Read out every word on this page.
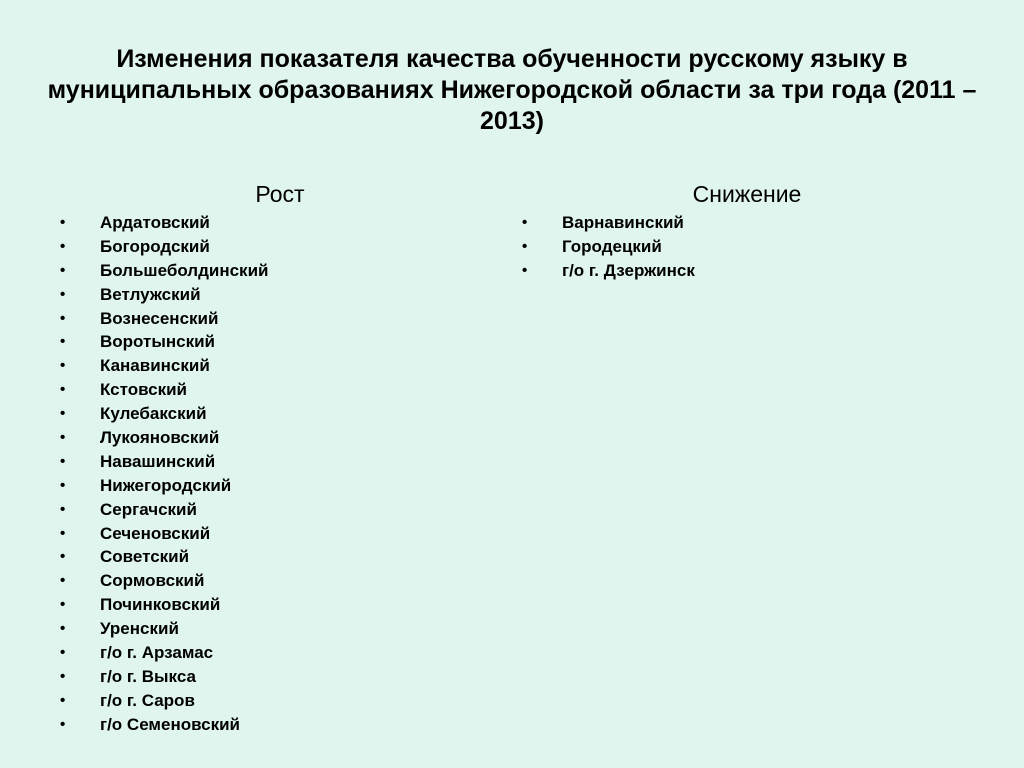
Изменения показателя качества обученности русскому языку в муниципальных образованиях Нижегородской области за три года (2011 – 2013)
Рост
•	Ардатовский
•	Богородский
•	Большеболдинский
•	Ветлужский
•	Вознесенский
•	Воротынский
•	Канавинский
•	Кстовский
•	Кулебакский
•	Лукояновский
•	Навашинский
•	Нижегородский
•	Сергачский
•	Сеченовский
•	Советский
•	Сормовский
•	Починковский
•	Уренский
•	г/о г. Арзамас
•	г/о г. Выкса
•	г/о г. Саров
•	г/о Семеновский
Снижение
•	Варнавинский
•	Городецкий
•	г/о г. Дзержинск
